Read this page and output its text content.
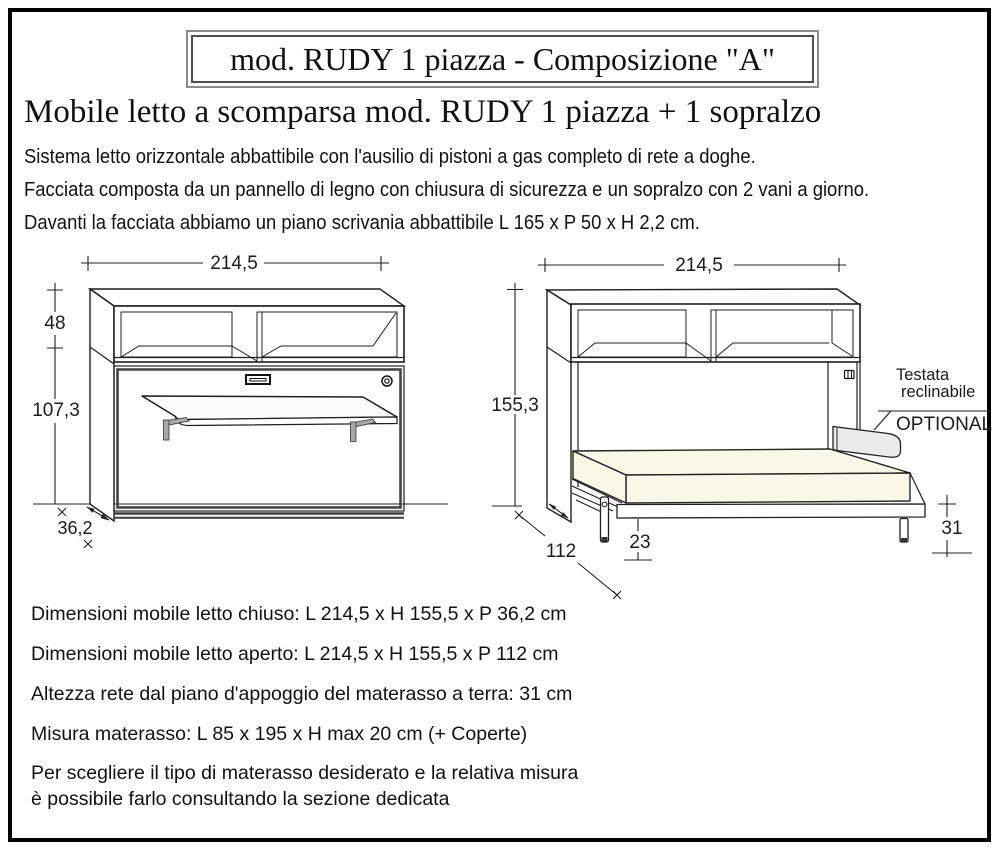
mod. RUDY 1 piazza - Composizione "A"
Mobile letto a scomparsa mod. RUDY 1 piazza + 1 sopralzo
Sistema letto orizzontale abbattibile con l'ausilio di pistoni a gas completo di rete a doghe.
Facciata composta da un pannello di legno con chiusura di sicurezza e un sopralzo con 2 vani a giorno.
Davanti la facciata abbiamo un piano scrivania abbattibile L 165 x P 50 x H 2,2 cm.
214,5
48
107,3
36,2
214,5
155,3
112	23
31
Testata
reclinabile
OPTIONAL
Dimensioni mobile letto chiuso: L 214,5 x H 155,5 x P 36,2 cm
Dimensioni mobile letto aperto: L 214,5 x H 155,5 x P 112 cm
Altezza rete dal piano d'appoggio del materasso a terra: 31 cm
Misura materasso: L 85 x 195 x H max 20 cm (+ Coperte)
Per scegliere il tipo di materasso desiderato e la relativa misura
è possibile farlo consultando la sezione dedicata
